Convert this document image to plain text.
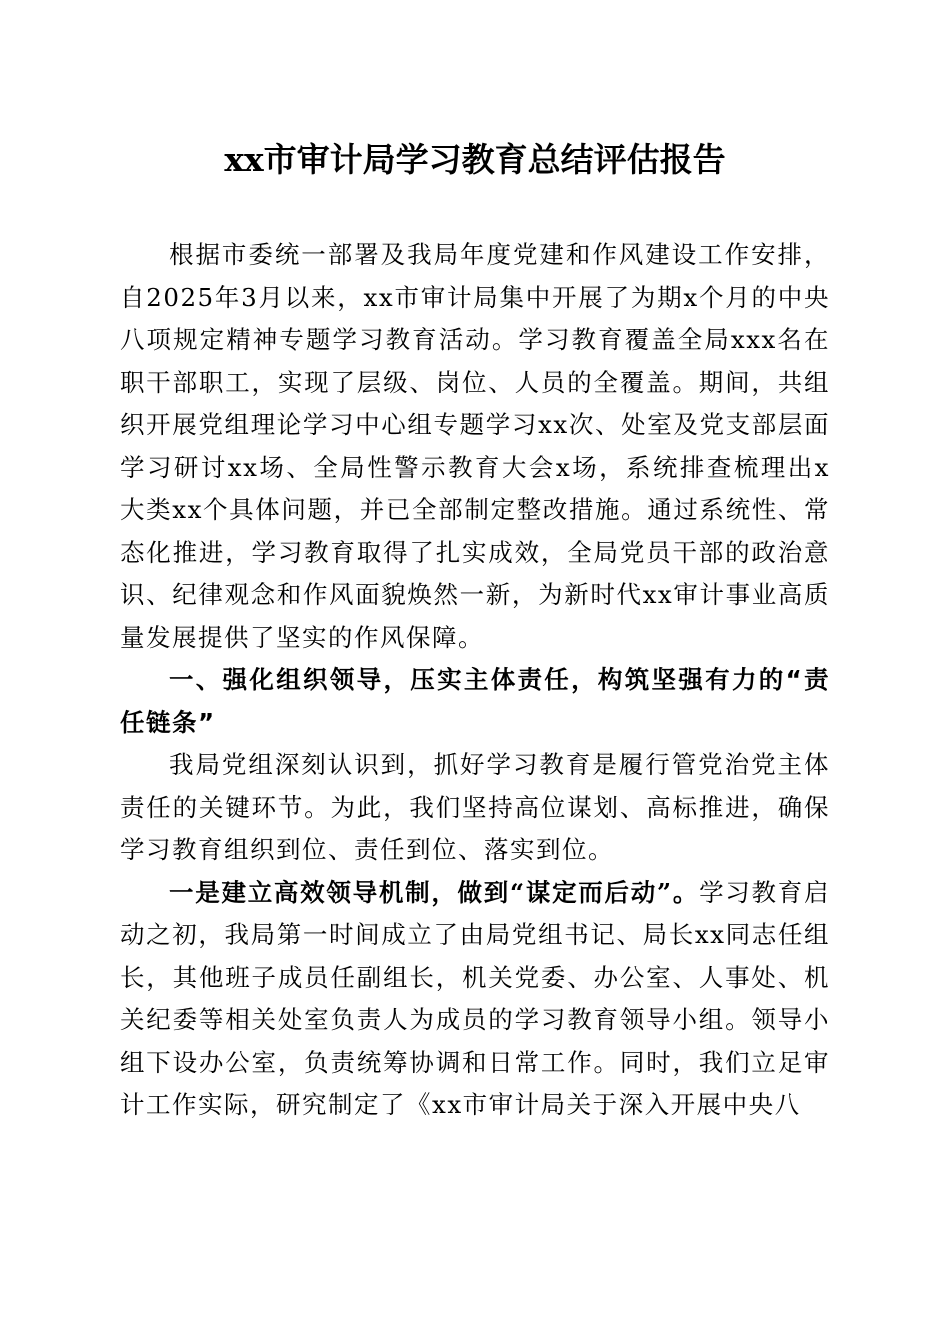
xx市审计局学习教育总结评估报告

根据市委统一部署及我局年度党建和作风建设工作安排，自2025年3月以来，xx市审计局集中开展了为期x个月的中央八项规定精神专题学习教育活动。学习教育覆盖全局xxx名在职干部职工，实现了层级、岗位、人员的全覆盖。期间，共组织开展党组理论学习中心组专题学习xx次、处室及党支部层面学习研讨xx场、全局性警示教育大会x场，系统排查梳理出x大类xx个具体问题，并已全部制定整改措施。通过系统性、常态化推进，学习教育取得了扎实成效，全局党员干部的政治意识、纪律观念和作风面貌焕然一新，为新时代xx审计事业高质量发展提供了坚实的作风保障。

一、强化组织领导，压实主体责任，构筑坚强有力的“责任链条”

我局党组深刻认识到，抓好学习教育是履行管党治党主体责任的关键环节。为此，我们坚持高位谋划、高标推进，确保学习教育组织到位、责任到位、落实到位。

一是建立高效领导机制，做到“谋定而后动”。学习教育启动之初，我局第一时间成立了由局党组书记、局长xx同志任组长，其他班子成员任副组长，机关党委、办公室、人事处、机关纪委等相关处室负责人为成员的学习教育领导小组。领导小组下设办公室，负责统筹协调和日常工作。同时，我们立足审计工作实际，研究制定了《xx市审计局关于深入开展中央八
